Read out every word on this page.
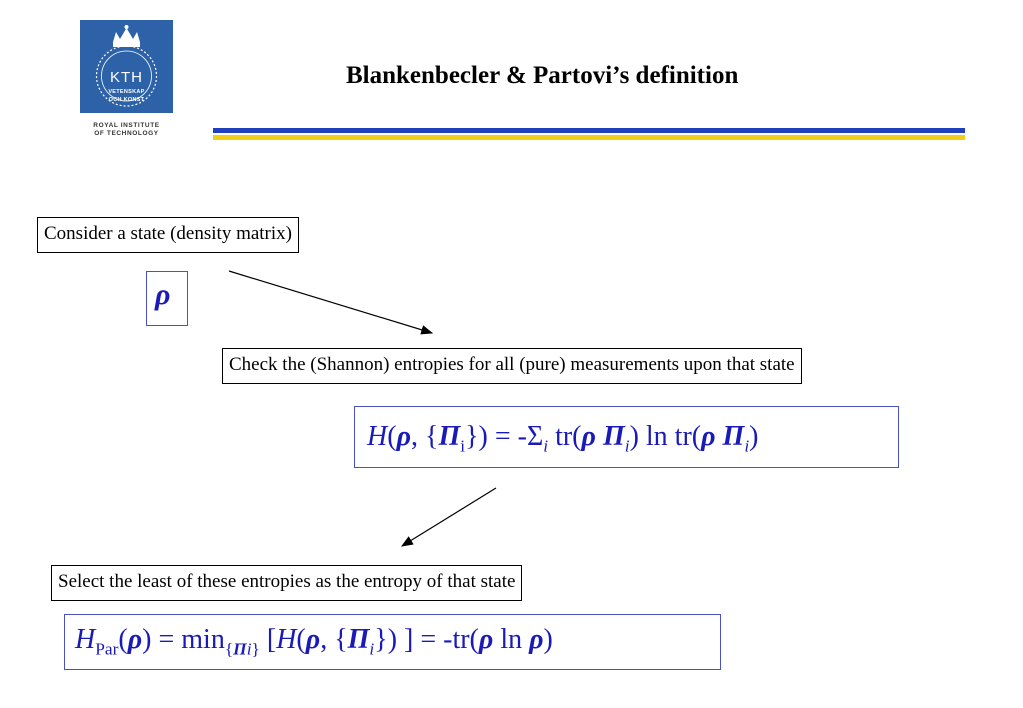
KTH
VETENSKAP
OCH KONST
ROYAL INSTITUTE
OF TECHNOLOGY
Blankenbecler & Partovi’s definition
Consider a state (density matrix)
ρ
Check the (Shannon) entropies for all (pure) measurements upon that state
H(ρ, $\{\Pi_i\}) = -\Sigma_i$ tr(ρ $\Pi_i$) ln tr(ρ $\Pi_i$)
Select the least of these entropies as the entropy of that state
$H_{Par}(\rho) = \min_{\{\Pi i\}} [H(\rho$, $\{\Pi_i\}$) ] = -tr(ρ ln ρ)
